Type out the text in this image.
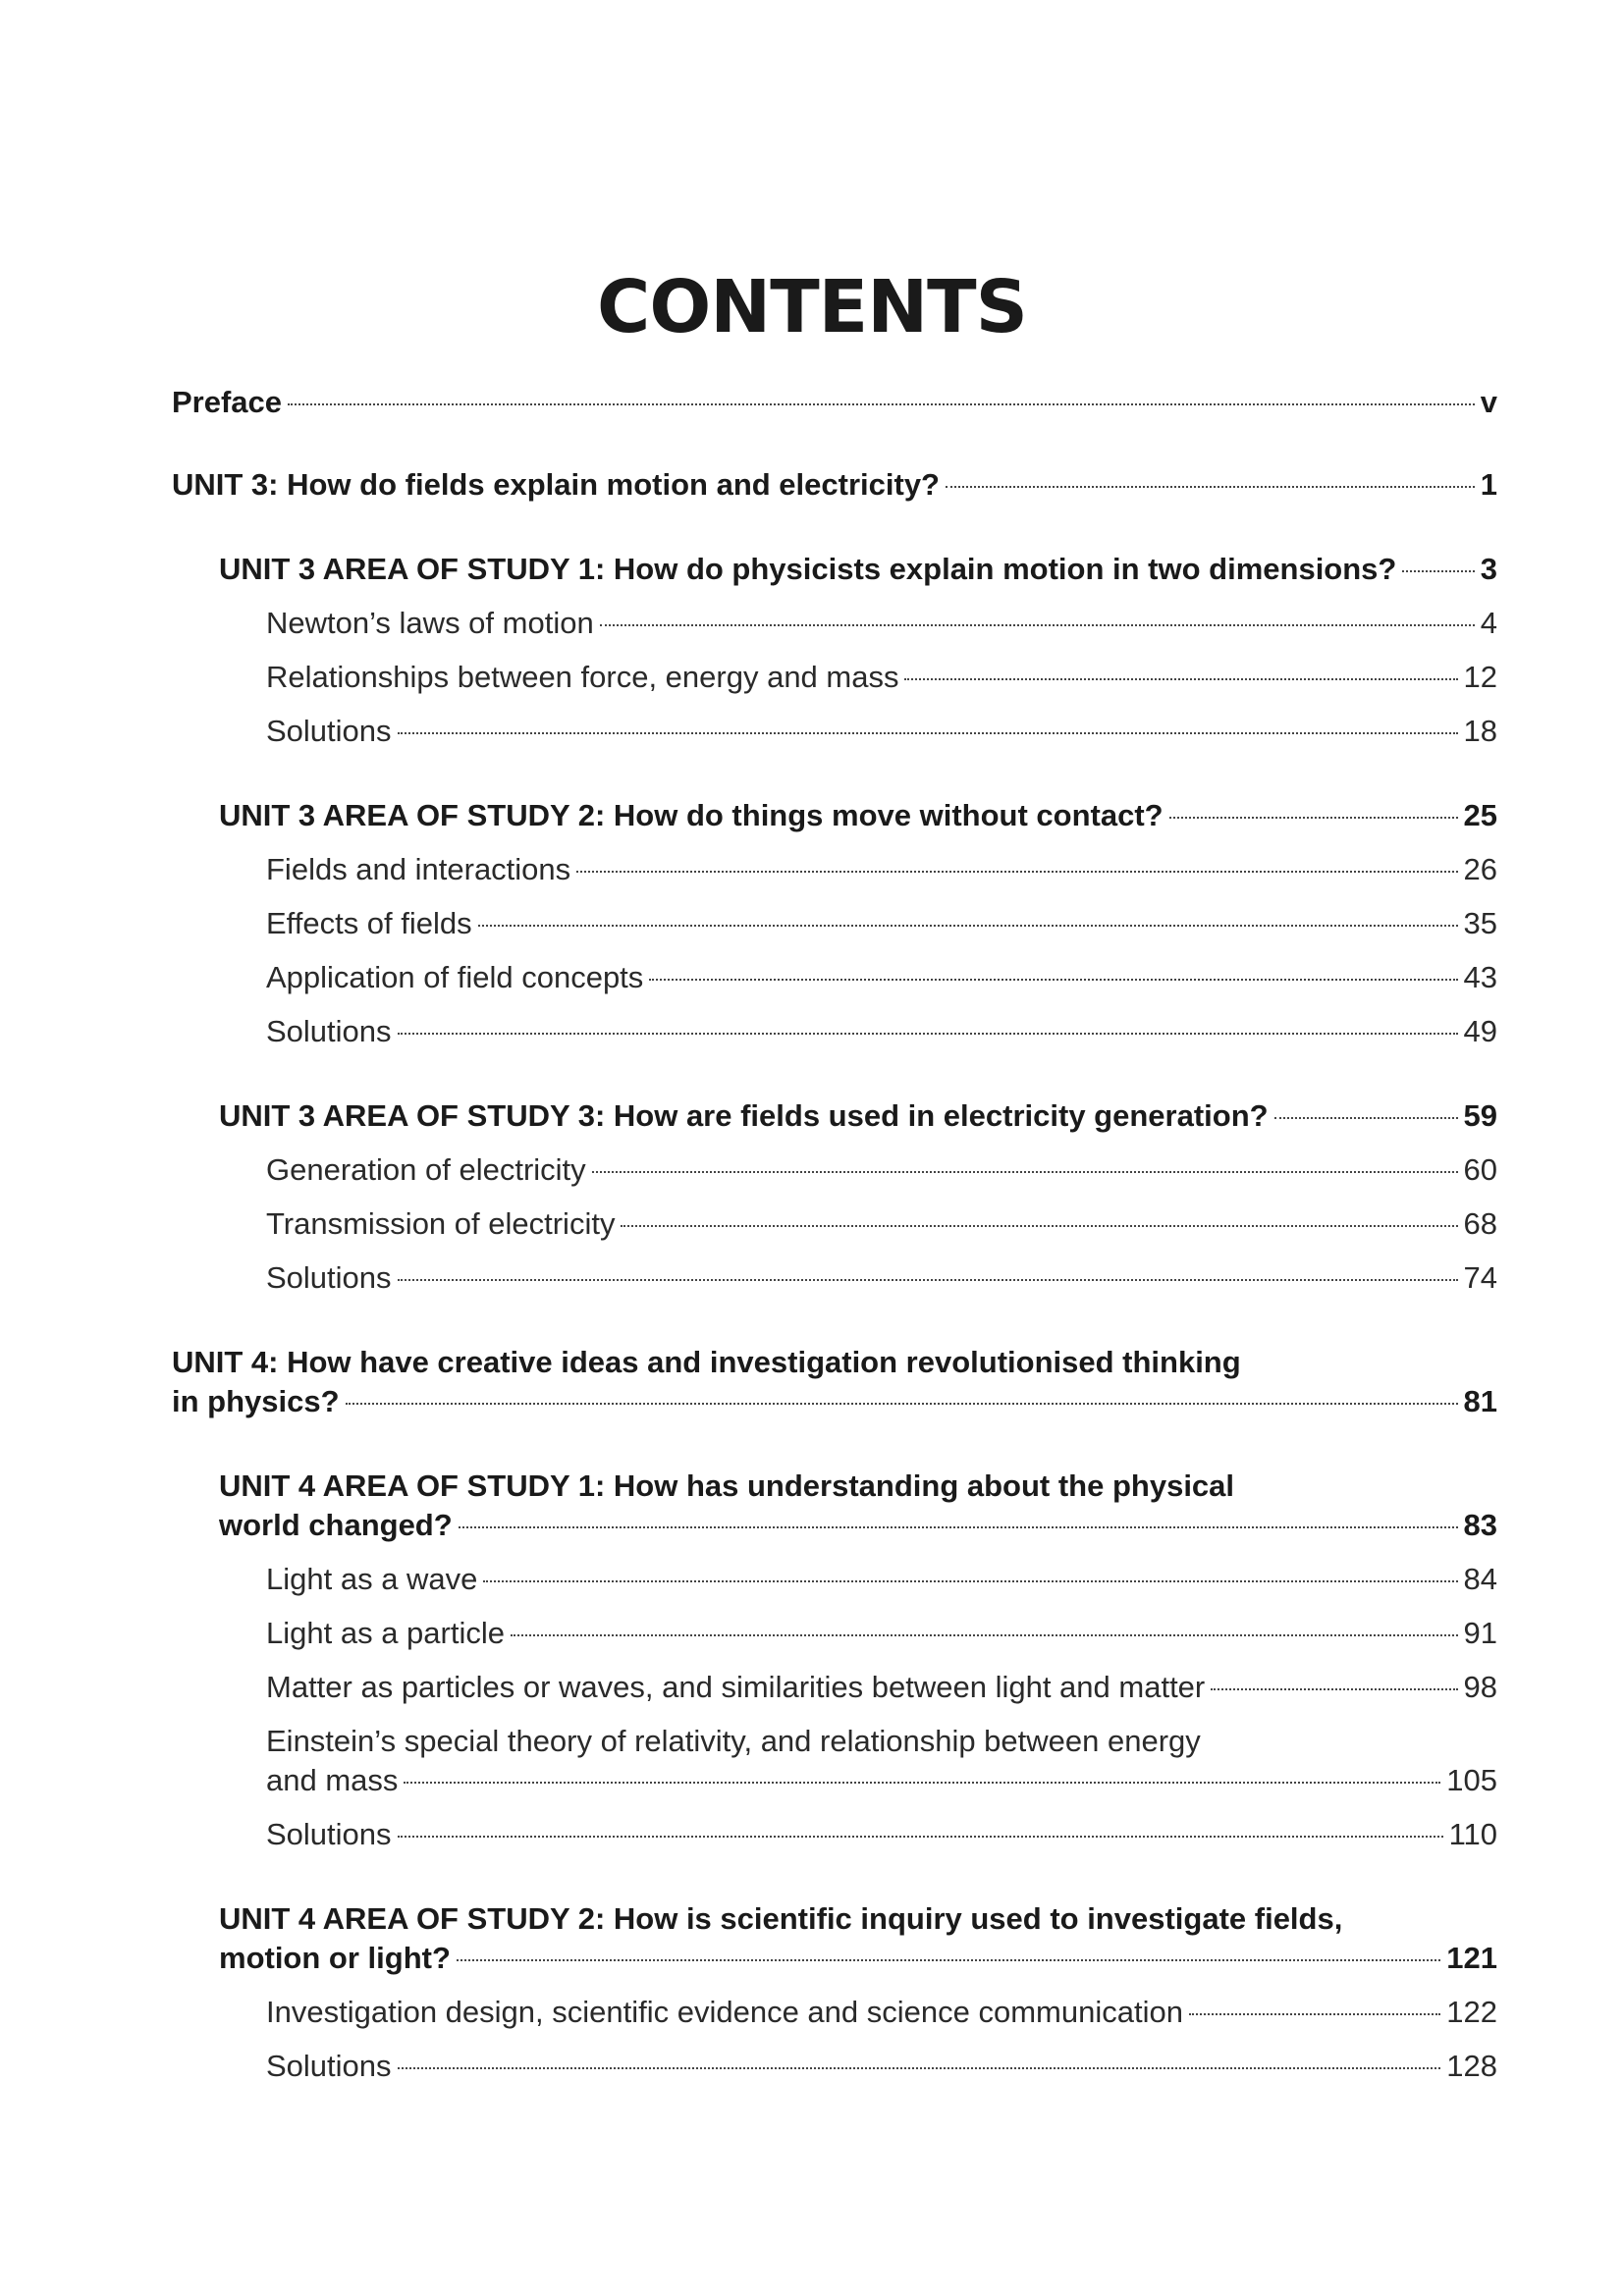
CONTENTS
Preface	v
UNIT 3: How do fields explain motion and electricity?	1
UNIT 3 AREA OF STUDY 1: How do physicists explain motion in two dimensions?	3
Newton’s laws of motion	4
Relationships between force, energy and mass	12
Solutions	18
UNIT 3 AREA OF STUDY 2: How do things move without contact?	25
Fields and interactions	26
Effects of fields	35
Application of field concepts	43
Solutions	49
UNIT 3 AREA OF STUDY 3: How are fields used in electricity generation?	59
Generation of electricity	60
Transmission of electricity	68
Solutions	74
UNIT 4: How have creative ideas and investigation revolutionised thinking
in physics?	81
UNIT 4 AREA OF STUDY 1: How has understanding about the physical
world changed?	83
Light as a wave	84
Light as a particle	91
Matter as particles or waves, and similarities between light and matter	98
Einstein’s special theory of relativity, and relationship between energy
and mass	105
Solutions	110
UNIT 4 AREA OF STUDY 2: How is scientific inquiry used to investigate fields,
motion or light?	121
Investigation design, scientific evidence and science communication	122
Solutions	128
